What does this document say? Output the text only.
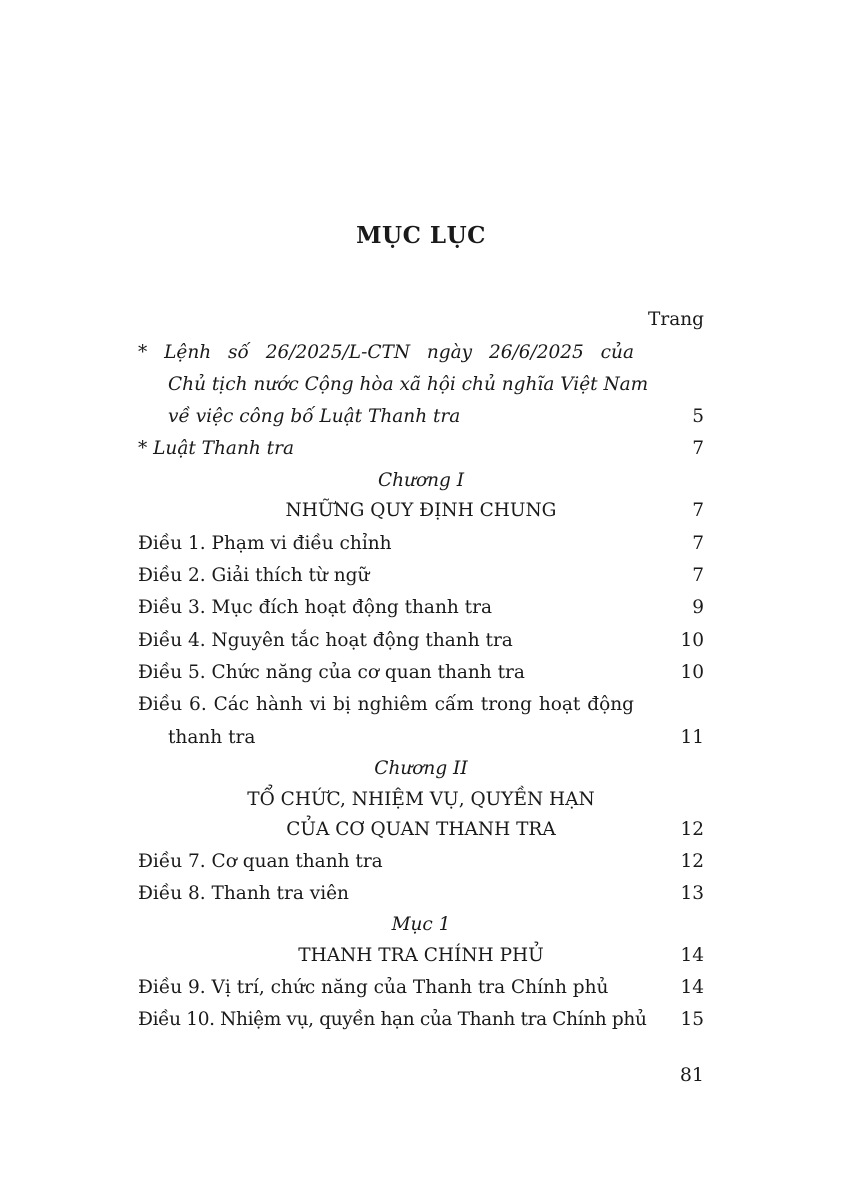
MỤC LỤC
Trang
* Lệnh số 26/2025/L-CTN ngày 26/6/2025 của
Chủ tịch nước Cộng hòa xã hội chủ nghĩa Việt Nam
về việc công bố Luật Thanh tra	5
* Luật Thanh tra	7
Chương I
NHỮNG QUY ĐỊNH CHUNG	7
Điều 1. Phạm vi điều chỉnh	7
Điều 2. Giải thích từ ngữ	7
Điều 3. Mục đích hoạt động thanh tra	9
Điều 4. Nguyên tắc hoạt động thanh tra	10
Điều 5. Chức năng của cơ quan thanh tra	10
Điều 6. Các hành vi bị nghiêm cấm trong hoạt động
thanh tra	11
Chương II
TỔ CHỨC, NHIỆM VỤ, QUYỀN HẠN
CỦA CƠ QUAN THANH TRA	12
Điều 7. Cơ quan thanh tra	12
Điều 8. Thanh tra viên	13
Mục 1
THANH TRA CHÍNH PHỦ	14
Điều 9. Vị trí, chức năng của Thanh tra Chính phủ	14
Điều 10. Nhiệm vụ, quyền hạn của Thanh tra Chính phủ 15
81
